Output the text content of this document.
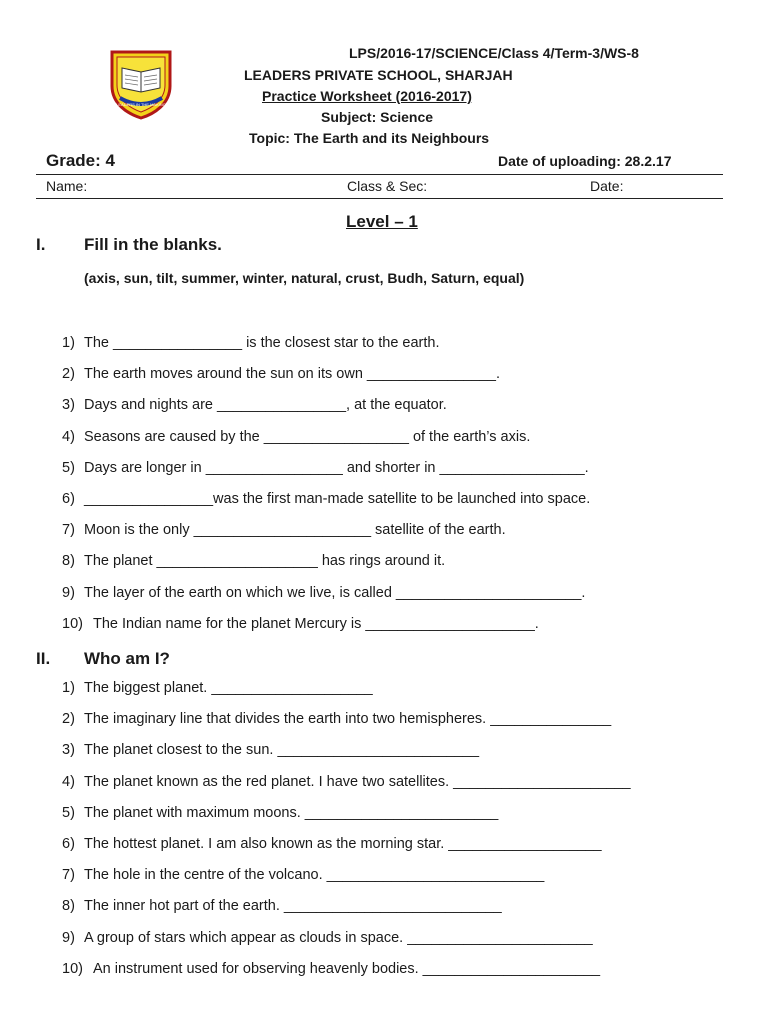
LEADERS IN THE MAKING
LPS/2016-17/SCIENCE/Class 4/Term-3/WS-8
LEADERS PRIVATE SCHOOL, SHARJAH
Practice Worksheet (2016-2017)
Subject: Science
Topic: The Earth and its Neighbours
Grade: 4	Date of uploading: 28.2.17
Name:	Class & Sec:	Date:
Level – 1
I. Fill in the blanks.
(axis, sun, tilt, summer, winter, natural, crust, Budh, Saturn, equal)
1) The ________________ is the closest star to the earth.
2) The earth moves around the sun on its own ________________.
3) Days and nights are ________________, at the equator.
4) Seasons are caused by the __________________ of the earth’s axis.
5) Days are longer in _________________ and shorter in __________________.
6) ________________was the first man-made satellite to be launched into space.
7) Moon is the only ______________________ satellite of the earth.
8) The planet ____________________ has rings around it.
9) The layer of the earth on which we live, is called _______________________.
10) The Indian name for the planet Mercury is _____________________.
II. Who am I?
1) The biggest planet. ____________________
2) The imaginary line that divides the earth into two hemispheres. _______________
3) The planet closest to the sun. _________________________
4) The planet known as the red planet. I have two satellites. ______________________
5) The planet with maximum moons. ________________________
6) The hottest planet. I am also known as the morning star. ___________________
7) The hole in the centre of the volcano. ___________________________
8) The inner hot part of the earth. ___________________________
9) A group of stars which appear as clouds in space. _______________________
10) An instrument used for observing heavenly bodies. ______________________
